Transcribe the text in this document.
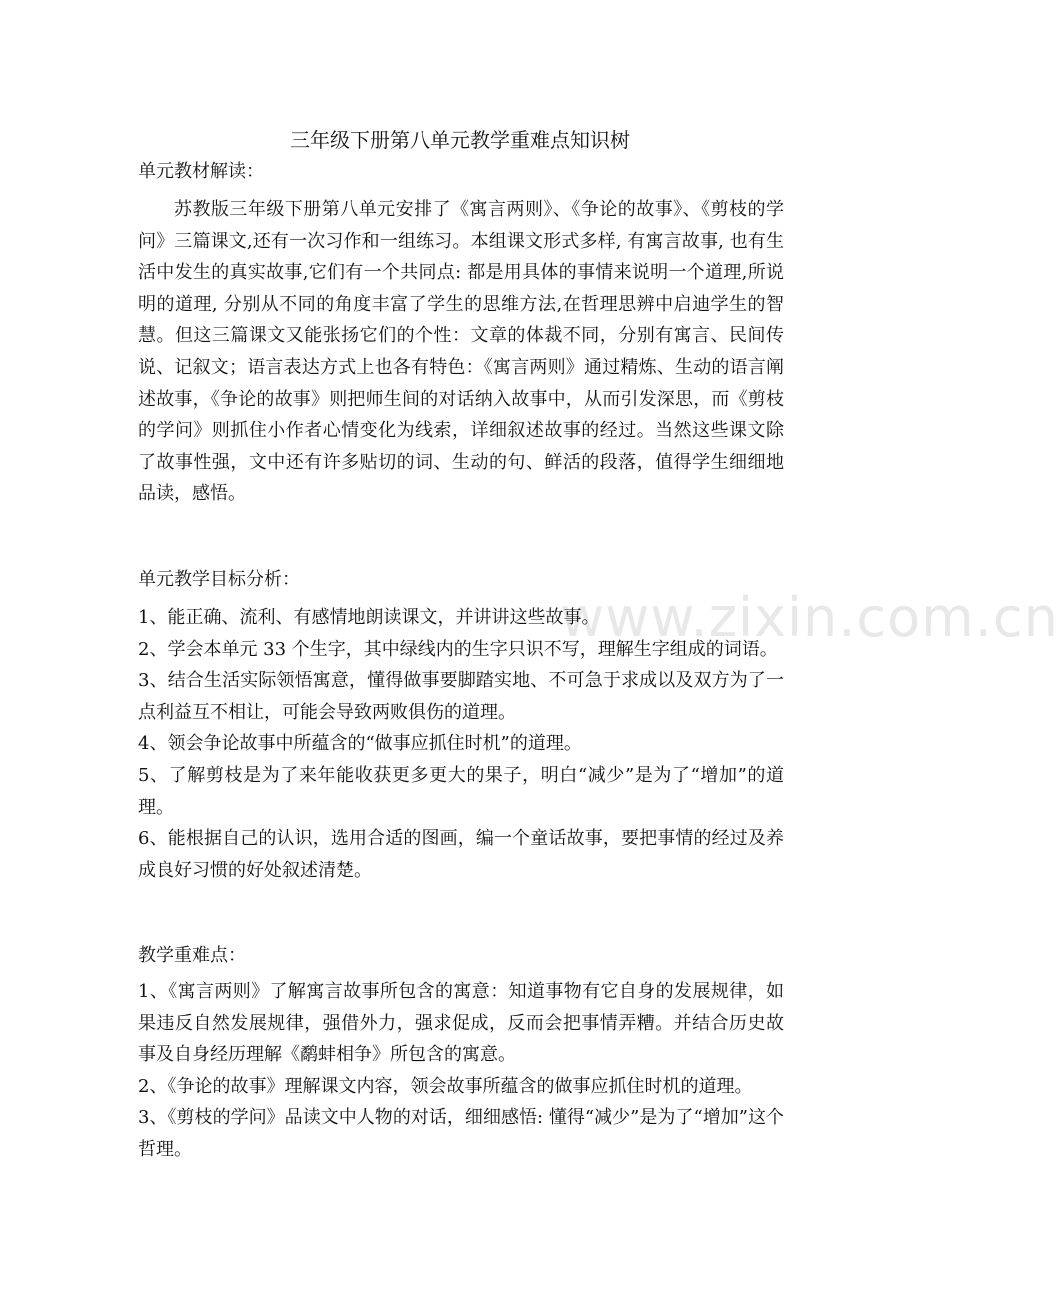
www.zixin.com.cn
三年级下册第八单元教学重难点知识树
单元教材解读：

苏教版三年级下册第八单元安排了《寓言两则》、《争论的故事》、《剪枝的学问》三篇课文,还有一次习作和一组练习。本组课文形式多样, 有寓言故事, 也有生活中发生的真实故事,它们有一个共同点: 都是用具体的事情来说明一个道理,所说明的道理, 分别从不同的角度丰富了学生的思维方法,在哲理思辨中启迪学生的智慧。但这三篇课文又能张扬它们的个性：文章的体裁不同，分别有寓言、民间传说、记叙文；语言表达方式上也各有特色：《寓言两则》通过精炼、生动的语言阐述故事，《争论的故事》则把师生间的对话纳入故事中，从而引发深思，而《剪枝的学问》则抓住小作者心情变化为线索，详细叙述故事的经过。当然这些课文除了故事性强，文中还有许多贴切的词、生动的句、鲜活的段落，值得学生细细地品读，感悟。

单元教学目标分析：

1、能正确、流利、有感情地朗读课文，并讲讲这些故事。

2、学会本单元 33 个生字，其中绿线内的生字只识不写，理解生字组成的词语。

3、结合生活实际领悟寓意，懂得做事要脚踏实地、不可急于求成以及双方为了一点利益互不相让，可能会导致两败俱伤的道理。

4、领会争论故事中所蕴含的“做事应抓住时机”的道理。

5、了解剪枝是为了来年能收获更多更大的果子，明白“减少”是为了“增加”的道理。

6、能根据自己的认识，选用合适的图画，编一个童话故事，要把事情的经过及养成良好习惯的好处叙述清楚。

教学重难点：

1、《寓言两则》了解寓言故事所包含的寓意：知道事物有它自身的发展规律，如果违反自然发展规律，强借外力，强求促成，反而会把事情弄糟。并结合历史故事及自身经历理解《鹬蚌相争》所包含的寓意。

2、《争论的故事》理解课文内容，领会故事所蕴含的做事应抓住时机的道理。

3、《剪枝的学问》品读文中人物的对话，细细感悟: 懂得“减少”是为了“增加”这个哲理。
